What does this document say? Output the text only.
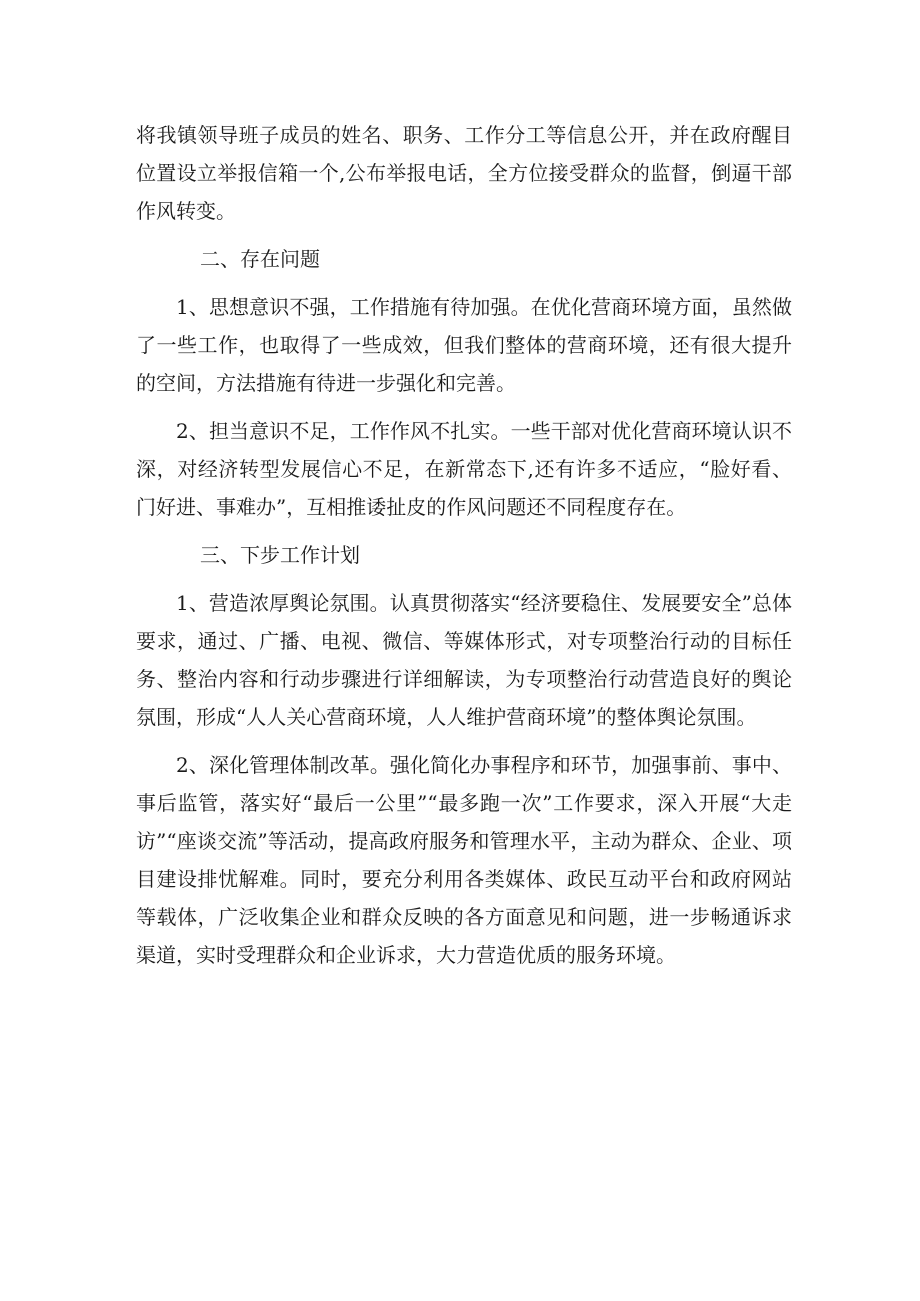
将我镇领导班子成员的姓名、职务、工作分工等信息公开，并在政府醒目位置设立举报信箱一个,公布举报电话，全方位接受群众的监督，倒逼干部作风转变。

二、存在问题

1、思想意识不强，工作措施有待加强。在优化营商环境方面，虽然做了一些工作，也取得了一些成效，但我们整体的营商环境，还有很大提升的空间，方法措施有待进一步强化和完善。

2、担当意识不足，工作作风不扎实。一些干部对优化营商环境认识不深，对经济转型发展信心不足，在新常态下,还有许多不适应，“脸好看、门好进、事难办”，互相推诿扯皮的作风问题还不同程度存在。

三、下步工作计划

1、营造浓厚舆论氛围。认真贯彻落实“经济要稳住、发展要安全”总体要求，通过、广播、电视、微信、等媒体形式，对专项整治行动的目标任务、整治内容和行动步骤进行详细解读，为专项整治行动营造良好的舆论氛围，形成“人人关心营商环境，人人维护营商环境”的整体舆论氛围。

2、深化管理体制改革。强化简化办事程序和环节，加强事前、事中、事后监管，落实好“最后一公里”“最多跑一次”工作要求，深入开展“大走访”“座谈交流”等活动，提高政府服务和管理水平，主动为群众、企业、项目建设排忧解难。同时，要充分利用各类媒体、政民互动平台和政府网站等载体，广泛收集企业和群众反映的各方面意见和问题，进一步畅通诉求渠道，实时受理群众和企业诉求，大力营造优质的服务环境。
